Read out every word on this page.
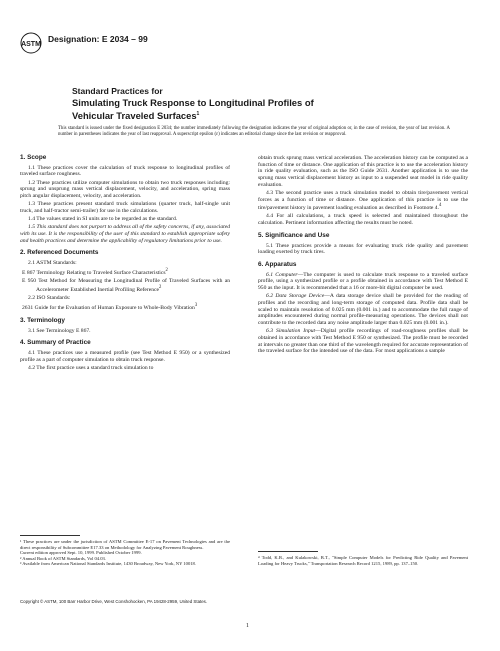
ASTM
Designation: E 2034 – 99
Standard Practices for
Simulating Truck Response to Longitudinal Profiles of
Vehicular Traveled Surfaces$^1$
This standard is issued under the fixed designation E 2034; the number immediately following the designation indicates the year of original adoption or, in the case of revision, the year of last revision. A number in parentheses indicates the year of last reapproval. A superscript epsilon (ε) indicates an editorial change since the last revision or reapproval.
1. Scope

1.1 These practices cover the calculation of truck response to longitudinal profiles of traveled surface roughness.

1.2 These practices utilize computer simulations to obtain two truck responses including: sprung and unsprung mass vertical displacement, velocity, and acceleration, spring mass pitch angular displacement, velocity, and acceleration.

1.3 These practices present standard truck simulations (quarter truck, half-single unit truck, and half-tractor semi-trailer) for use in the calculations.

1.4 The values stated in SI units are to be regarded as the standard.

1.5 This standard does not purport to address all of the safety concerns, if any, associated with its use. It is the responsibility of the user of this standard to establish appropriate safety and health practices and determine the applicability of regulatory limitations prior to use.

2. Referenced Documents

2.1 ASTM Standards:

E 867 Terminology Relating to Traveled Surface Characteristics$^2$

E 950 Test Method for Measuring the Longitudinal Profile of Traveled Surfaces with an Accelerometer Established Inertial Profiling Reference$^2$

2.2 ISO Standards:

2631 Guide for the Evaluation of Human Exposure to Whole-Body Vibration$^3$

3. Terminology

3.1 See Terminology E 867.

4. Summary of Practice

4.1 These practices use a measured profile (see Test Method E 950) or a synthesized profile as a part of computer simulation to obtain truck response.

4.2 The first practice uses a standard truck simulation to

¹ These practices are under the jurisdiction of ASTM Committee E-17 on Pavement Technologies and are the direct responsibility of Subcommittee E17.33 on Methodology for Analyzing Pavement Roughness.
Current edition approved Sept. 10, 1999. Published October 1999.
² Annual Book of ASTM Standards, Vol 04.03.
³ Available from American National Standards Institute, 1430 Broadway, New York, NY 10018.

obtain truck sprung mass vertical acceleration. The acceleration history can be computed as a function of time or distance. One application of this practice is to use the acceleration history in ride quality evaluation, such as the ISO Guide 2631. Another application is to use the sprung mass vertical displacement history as input to a suspended seat model in ride quality evaluation.

4.3 The second practice uses a truck simulation model to obtain tire/pavement vertical forces as a function of time or distance. One application of this practice is to use the tire/pavement history in pavement loading evaluation as described in Footnote 4.$^4$

4.4 For all calculations, a truck speed is selected and maintained throughout the calculation. Pertinent information affecting the results must be noted.

5. Significance and Use

5.1 These practices provide a means for evaluating truck ride quality and pavement loading exerted by truck tires.

6. Apparatus

6.1 Computer—The computer is used to calculate truck response to a traveled surface profile, using a synthesized profile or a profile obtained in accordance with Test Method E 950 as the input. It is recommended that a 16 or more-bit digital computer be used.

6.2 Data Storage Device—A data storage device shall be provided for the reading of profiles and the recording and long-term storage of computed data. Profile data shall be scaled to maintain resolution of 0.025 mm (0.001 in.) and to accommodate the full range of amplitudes encountered during normal profile-measuring operations. The devices shall not contribute to the recorded data any noise amplitude larger than 0.025 mm (0.001 in.).

6.3 Simulation Input—Digital profile recordings of road-roughness profiles shall be obtained in accordance with Test Method E 950 or synthesized. The profile must be recorded at intervals no greater than one third of the wavelength required for accurate representation of the traveled surface for the intended use of the data. For most applications a sample

⁴ Todd, K.B., and Kulakowski, B.T., "Simple Computer Models for Predicting Ride Quality and Pavement Loading for Heavy Trucks," Transportation Research Record 1215, 1989, pp. 137–150.
Copyright © ASTM, 100 Barr Harbor Drive, West Conshohocken, PA 19428-2959, United States.
1
